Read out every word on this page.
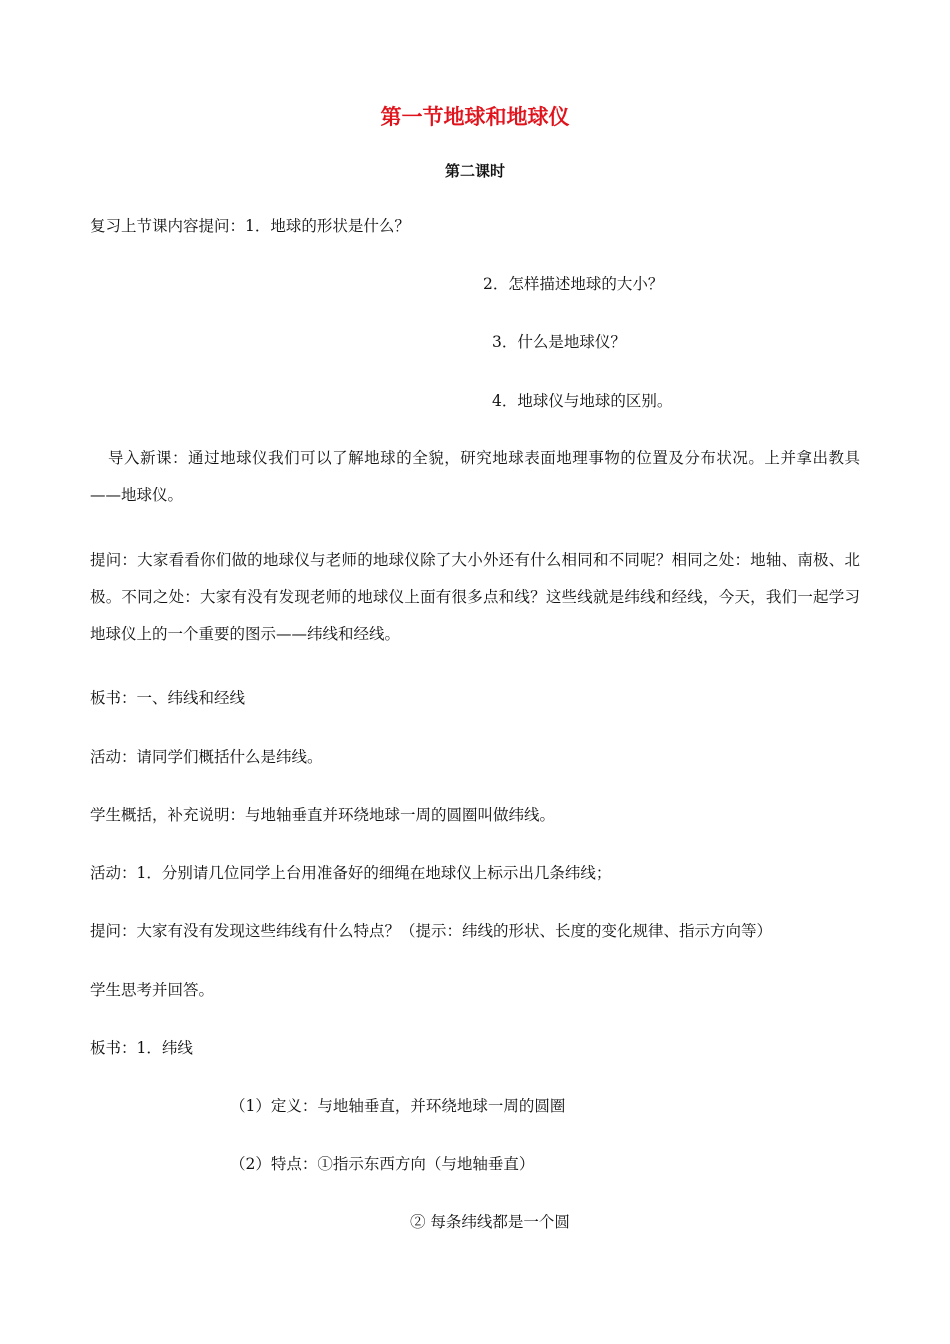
第一节地球和地球仪
第二课时
复习上节课内容提问：1．地球的形状是什么？
2．怎样描述地球的大小？
3．什么是地球仪？
4．地球仪与地球的区别。
导入新课：通过地球仪我们可以了解地球的全貌，研究地球表面地理事物的位置及分布状况。上并拿出教具——地球仪。
提问：大家看看你们做的地球仪与老师的地球仪除了大小外还有什么相同和不同呢？相同之处：地轴、南极、北极。不同之处：大家有没有发现老师的地球仪上面有很多点和线？这些线就是纬线和经线，今天，我们一起学习地球仪上的一个重要的图示——纬线和经线。
板书：一、纬线和经线
活动：请同学们概括什么是纬线。
学生概括，补充说明：与地轴垂直并环绕地球一周的圆圈叫做纬线。
活动：1．分别请几位同学上台用准备好的细绳在地球仪上标示出几条纬线；
提问：大家有没有发现这些纬线有什么特点？（提示：纬线的形状、长度的变化规律、指示方向等）
学生思考并回答。
板书：1．纬线
（1）定义：与地轴垂直，并环绕地球一周的圆圈
（2）特点：①指示东西方向（与地轴垂直）
② 每条纬线都是一个圆
